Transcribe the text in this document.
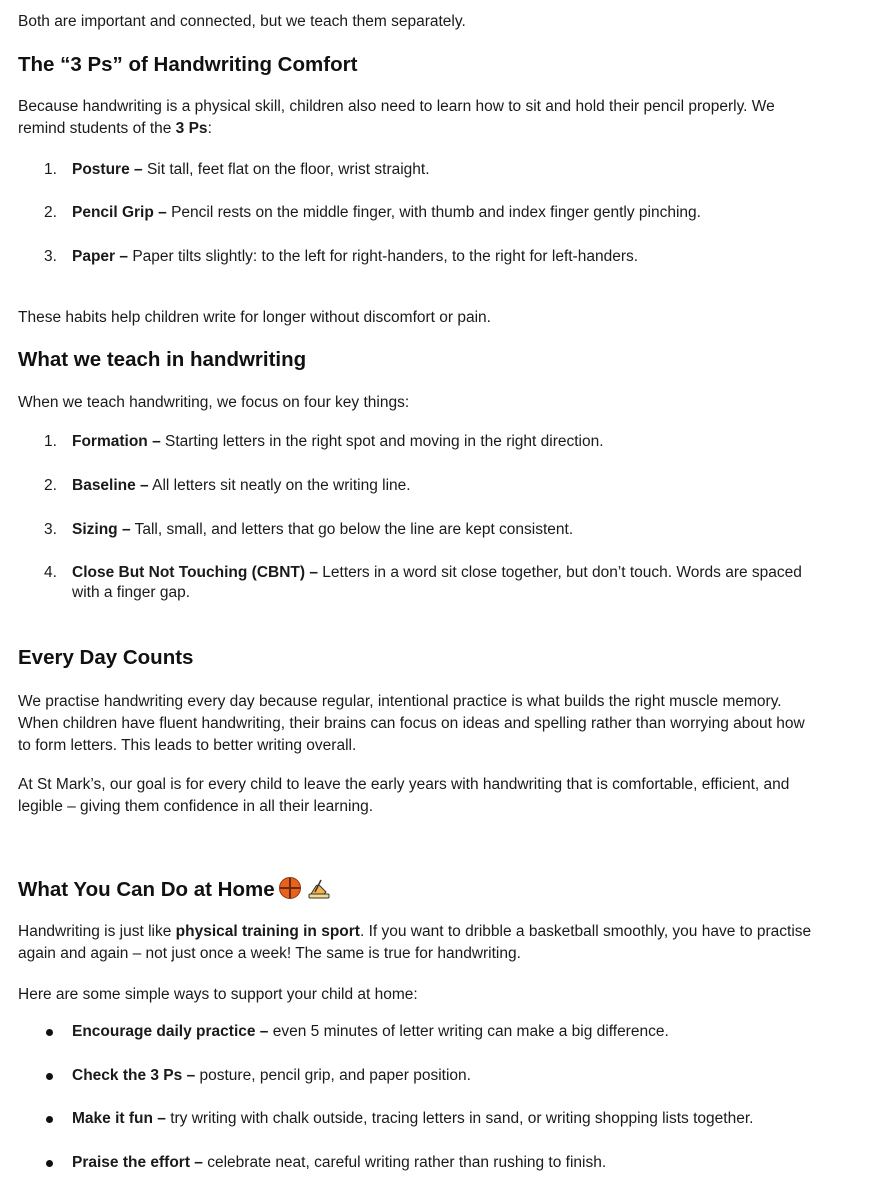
Both are important and connected, but we teach them separately.

The “3 Ps” of Handwriting Comfort

Because handwriting is a physical skill, children also need to learn how to sit and hold their pencil properly. We
remind students of the 3 Ps:

1. Posture – Sit tall, feet flat on the floor, wrist straight.

2. Pencil Grip – Pencil rests on the middle finger, with thumb and index finger gently pinching.

3. Paper – Paper tilts slightly: to the left for right-handers, to the right for left-handers.

These habits help children write for longer without discomfort or pain.

What we teach in handwriting

When we teach handwriting, we focus on four key things:

1. Formation – Starting letters in the right spot and moving in the right direction.

2. Baseline – All letters sit neatly on the writing line.

3. Sizing – Tall, small, and letters that go below the line are kept consistent.

4. Close But Not Touching (CBNT) – Letters in a word sit close together, but don’t touch. Words are spaced
with a finger gap.

Every Day Counts

We practise handwriting every day because regular, intentional practice is what builds the right muscle memory.
When children have fluent handwriting, their brains can focus on ideas and spelling rather than worrying about how
to form letters. This leads to better writing overall.

At St Mark’s, our goal is for every child to leave the early years with handwriting that is comfortable, efficient, and
legible – giving them confidence in all their learning.

What You Can Do at Home

Handwriting is just like physical training in sport. If you want to dribble a basketball smoothly, you have to practise
again and again – not just once a week! The same is true for handwriting.

Here are some simple ways to support your child at home:

Encourage daily practice – even 5 minutes of letter writing can make a big difference.

Check the 3 Ps – posture, pencil grip, and paper position.

Make it fun – try writing with chalk outside, tracing letters in sand, or writing shopping lists together.

Praise the effort – celebrate neat, careful writing rather than rushing to finish.
